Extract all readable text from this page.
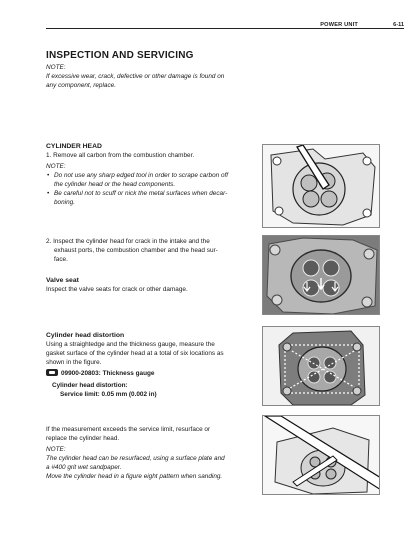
POWER UNIT	6-11
INSPECTION AND SERVICING
NOTE:
If excessive wear, crack, defective or other damage is found on
any component, replace.
CYLINDER HEAD
1. Remove all carbon from the combustion chamber.
NOTE:
• Do not use any sharp edged tool in order to scrape carbon off
the cylinder head or the head components.
• Be careful not to scuff or nick the metal surfaces when decar-
boning.
2. Inspect the cylinder head for crack in the intake and the
exhaust ports, the combustion chamber and the head sur-
face.
Valve seat
Inspect the valve seats for crack or other damage.
Cylinder head distortion
Using a straightedge and the thickness gauge, measure the
gasket surface of the cylinder head at a total of six locations as
shown in the figure.
09900-20803: Thickness gauge
Cylinder head distortion:
Service limit: 0.05 mm (0.002 in)
If the measurement exceeds the service limit, resurface or
replace the cylinder head.
NOTE:
The cylinder head can be resurfaced, using a surface plate and
a #400 grit wet sandpaper.
Move the cylinder head in a figure eight pattern when sanding.
